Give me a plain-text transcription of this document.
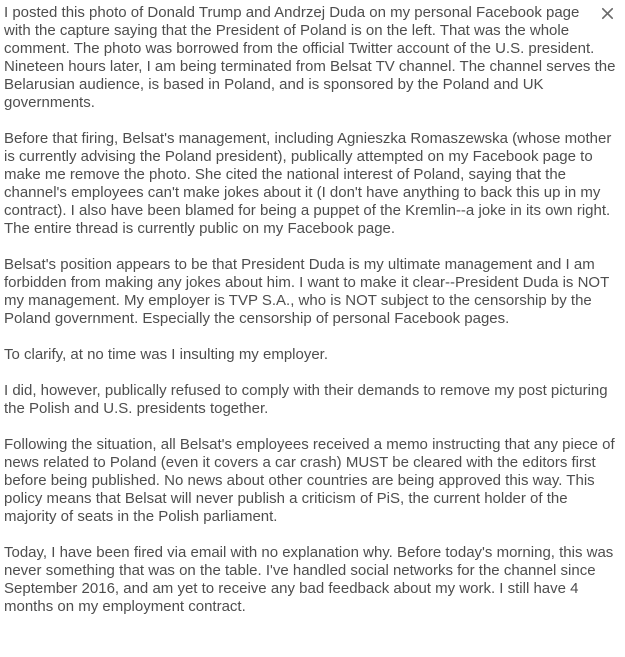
I posted this photo of Donald Trump and Andrzej Duda on my personal Facebook page with the capture saying that the President of Poland is on the left. That was the whole comment. The photo was borrowed from the official Twitter account of the U.S. president. Nineteen hours later, I am being terminated from Belsat TV channel. The channel serves the Belarusian audience, is based in Poland, and is sponsored by the Poland and UK governments.

Before that firing, Belsat's management, including Agnieszka Romaszewska (whose mother is currently advising the Poland president), publically attempted on my Facebook page to make me remove the photo. She cited the national interest of Poland, saying that the channel's employees can't make jokes about it (I don't have anything to back this up in my contract). I also have been blamed for being a puppet of the Kremlin--a joke in its own right. The entire thread is currently public on my Facebook page.

Belsat's position appears to be that President Duda is my ultimate management and I am forbidden from making any jokes about him. I want to make it clear--President Duda is NOT my management. My employer is TVP S.A., who is NOT subject to the censorship by the Poland government. Especially the censorship of personal Facebook pages.

To clarify, at no time was I insulting my employer.

I did, however, publically refused to comply with their demands to remove my post picturing the Polish and U.S. presidents together.

Following the situation, all Belsat's employees received a memo instructing that any piece of news related to Poland (even it covers a car crash) MUST be cleared with the editors first before being published. No news about other countries are being approved this way. This policy means that Belsat will never publish a criticism of PiS, the current holder of the majority of seats in the Polish parliament.

Today, I have been fired via email with no explanation why. Before today's morning, this was never something that was on the table. I've handled social networks for the channel since September 2016, and am yet to receive any bad feedback about my work. I still have 4 months on my employment contract.
